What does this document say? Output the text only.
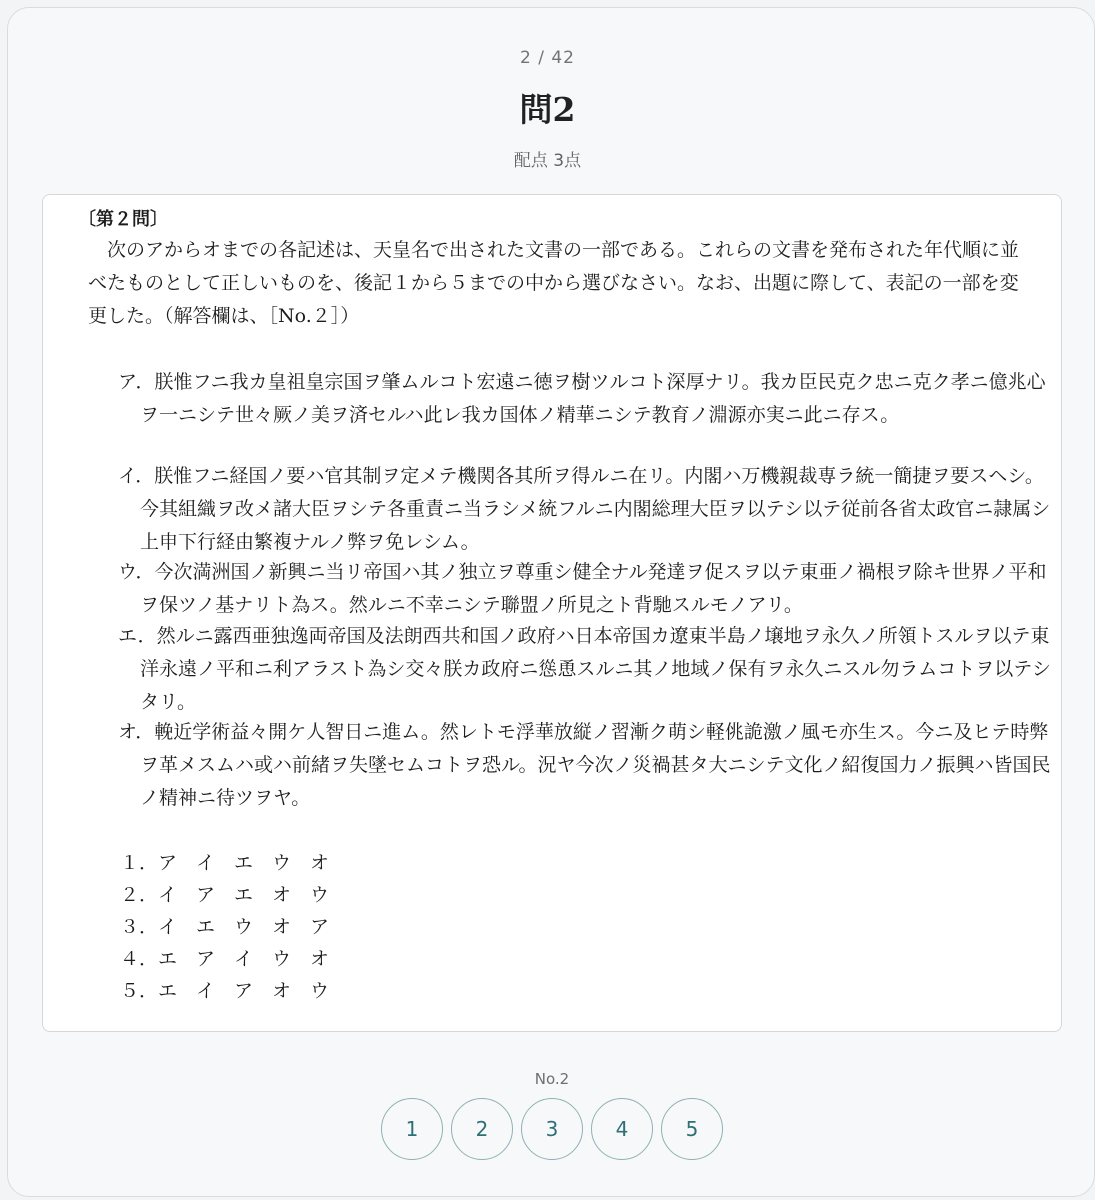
2 / 42
問2
配点 3点
〔第２問〕
次のアからオまでの各記述は、天皇名で出された文書の一部である。これらの文書を発布された年代順に並べたものとして正しいものを、後記１から５までの中から選びなさい。なお、出題に際して、表記の一部を変更した。（解答欄は、［No.２］）
ア．朕惟フニ我カ皇祖皇宗国ヲ肇ムルコト宏遠ニ徳ヲ樹ツルコト深厚ナリ。我カ臣民克ク忠ニ克ク孝ニ億兆心ヲ一ニシテ世々厥ノ美ヲ済セルハ此レ我カ国体ノ精華ニシテ教育ノ淵源亦実ニ此ニ存ス。
イ．朕惟フニ経国ノ要ハ官其制ヲ定メテ機関各其所ヲ得ルニ在リ。内閣ハ万機親裁専ラ統一簡捷ヲ要スヘシ。今其組織ヲ改メ諸大臣ヲシテ各重責ニ当ラシメ統フルニ内閣総理大臣ヲ以テシ以テ従前各省太政官ニ隷属シ上申下行経由繁複ナルノ弊ヲ免レシム。
ウ．今次満洲国ノ新興ニ当リ帝国ハ其ノ独立ヲ尊重シ健全ナル発達ヲ促スヲ以テ東亜ノ禍根ヲ除キ世界ノ平和ヲ保ツノ基ナリト為ス。然ルニ不幸ニシテ聯盟ノ所見之ト背馳スルモノアリ。
エ．然ルニ露西亜独逸両帝国及法朗西共和国ノ政府ハ日本帝国カ遼東半島ノ壌地ヲ永久ノ所領トスルヲ以テ東洋永遠ノ平和ニ利アラスト為シ交々朕カ政府ニ慫恿スルニ其ノ地域ノ保有ヲ永久ニスル勿ラムコトヲ以テシタリ。
オ．輓近学術益々開ケ人智日ニ進ム。然レトモ浮華放縦ノ習漸ク萌シ軽佻詭激ノ風モ亦生ス。今ニ及ヒテ時弊ヲ革メスムハ或ハ前緒ヲ失墜セムコトヲ恐ル。況ヤ今次ノ災禍甚タ大ニシテ文化ノ紹復国力ノ振興ハ皆国民ノ精神ニ待ツヲヤ。
１．ア　イ　エ　ウ　オ
２．イ　ア　エ　オ　ウ
３．イ　エ　ウ　オ　ア
４．エ　ア　イ　ウ　オ
５．エ　イ　ア　オ　ウ
No.2
1	2	3	4	5
